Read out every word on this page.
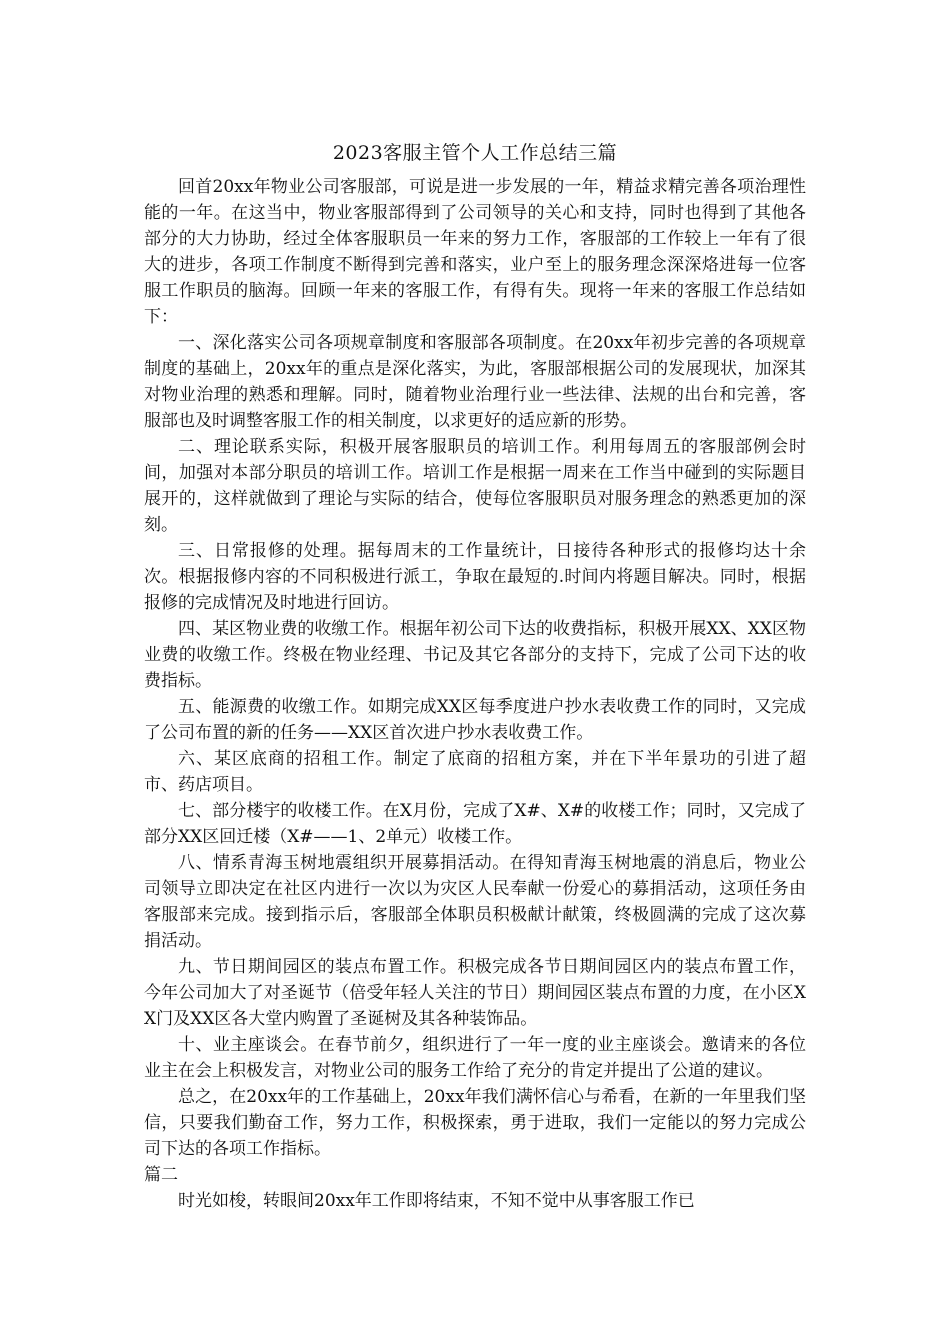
2023客服主管个人工作总结三篇

回首20xx年物业公司客服部，可说是进一步发展的一年，精益求精完善各项治理性能的一年。在这当中，物业客服部得到了公司领导的关心和支持，同时也得到了其他各部分的大力协助，经过全体客服职员一年来的努力工作，客服部的工作较上一年有了很大的进步，各项工作制度不断得到完善和落实，业户至上的服务理念深深烙进每一位客服工作职员的脑海。回顾一年来的客服工作，有得有失。现将一年来的客服工作总结如下：

一、深化落实公司各项规章制度和客服部各项制度。在20xx年初步完善的各项规章制度的基础上，20xx年的重点是深化落实，为此，客服部根据公司的发展现状，加深其对物业治理的熟悉和理解。同时，随着物业治理行业一些法律、法规的出台和完善，客服部也及时调整客服工作的相关制度，以求更好的适应新的形势。

二、理论联系实际，积极开展客服职员的培训工作。利用每周五的客服部例会时间，加强对本部分职员的培训工作。培训工作是根据一周来在工作当中碰到的实际题目展开的，这样就做到了理论与实际的结合，使每位客服职员对服务理念的熟悉更加的深刻。

三、日常报修的处理。据每周末的工作量统计，日接待各种形式的报修均达十余次。根据报修内容的不同积极进行派工，争取在最短的.时间内将题目解决。同时，根据报修的完成情况及时地进行回访。

四、某区物业费的收缴工作。根据年初公司下达的收费指标，积极开展XX、XX区物业费的收缴工作。终极在物业经理、书记及其它各部分的支持下，完成了公司下达的收费指标。

五、能源费的收缴工作。如期完成XX区每季度进户抄水表收费工作的同时，又完成了公司布置的新的任务——XX区首次进户抄水表收费工作。

六、某区底商的招租工作。制定了底商的招租方案，并在下半年景功的引进了超市、药店项目。

七、部分楼宇的收楼工作。在X月份，完成了X#、X#的收楼工作；同时，又完成了部分XX区回迁楼（X#——1、2单元）收楼工作。

八、情系青海玉树地震组织开展募捐活动。在得知青海玉树地震的消息后，物业公司领导立即决定在社区内进行一次以为灾区人民奉献一份爱心的募捐活动，这项任务由客服部来完成。接到指示后，客服部全体职员积极献计献策，终极圆满的完成了这次募捐活动。

九、节日期间园区的装点布置工作。积极完成各节日期间园区内的装点布置工作，今年公司加大了对圣诞节（倍受年轻人关注的节日）期间园区装点布置的力度，在小区XX门及XX区各大堂内购置了圣诞树及其各种装饰品。

十、业主座谈会。在春节前夕，组织进行了一年一度的业主座谈会。邀请来的各位业主在会上积极发言，对物业公司的服务工作给了充分的肯定并提出了公道的建议。

总之，在20xx年的工作基础上，20xx年我们满怀信心与希看，在新的一年里我们坚信，只要我们勤奋工作，努力工作，积极探索，勇于进取，我们一定能以的努力完成公司下达的各项工作指标。

篇二

时光如梭，转眼间20xx年工作即将结束，不知不觉中从事客服工作已
